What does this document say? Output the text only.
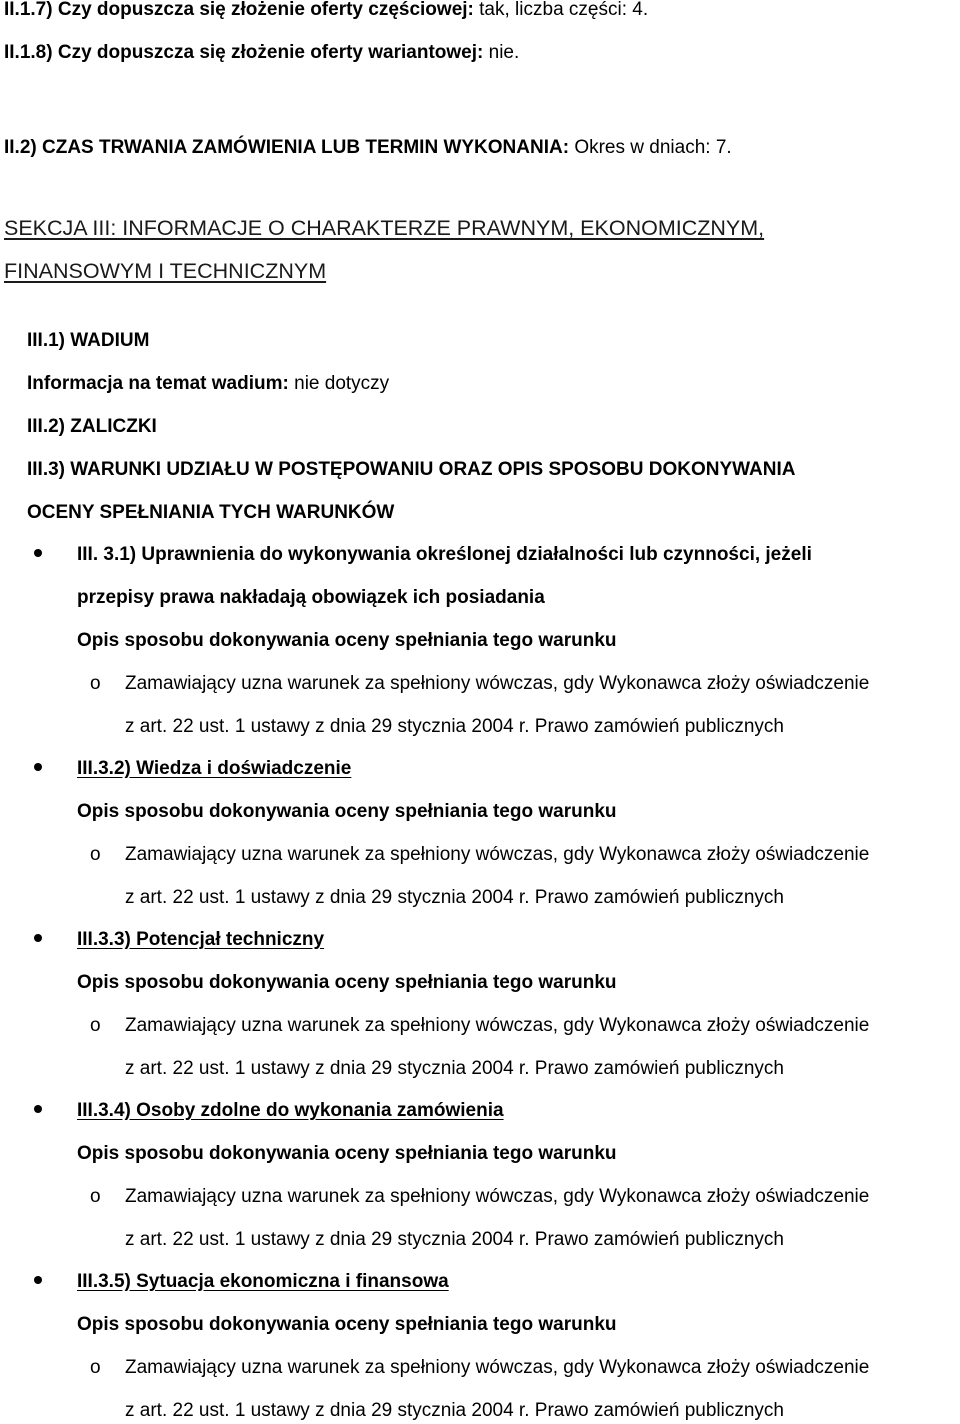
II.1.7) Czy dopuszcza się złożenie oferty częściowej: tak, liczba części: 4.
II.1.8) Czy dopuszcza się złożenie oferty wariantowej: nie.
II.2) CZAS TRWANIA ZAMÓWIENIA LUB TERMIN WYKONANIA: Okres w dniach: 7.
SEKCJA III: INFORMACJE O CHARAKTERZE PRAWNYM, EKONOMICZNYM,
FINANSOWYM I TECHNICZNYM
III.1) WADIUM
Informacja na temat wadium: nie dotyczy
III.2) ZALICZKI
III.3) WARUNKI UDZIAŁU W POSTĘPOWANIU ORAZ OPIS SPOSOBU DOKONYWANIA
OCENY SPEŁNIANIA TYCH WARUNKÓW
III. 3.1) Uprawnienia do wykonywania określonej działalności lub czynności, jeżeli
przepisy prawa nakładają obowiązek ich posiadania
Opis sposobu dokonywania oceny spełniania tego warunku
o Zamawiający uzna warunek za spełniony wówczas, gdy Wykonawca złoży oświadczenie
z art. 22 ust. 1 ustawy z dnia 29 stycznia 2004 r. Prawo zamówień publicznych
III.3.2) Wiedza i doświadczenie
Opis sposobu dokonywania oceny spełniania tego warunku
o Zamawiający uzna warunek za spełniony wówczas, gdy Wykonawca złoży oświadczenie
z art. 22 ust. 1 ustawy z dnia 29 stycznia 2004 r. Prawo zamówień publicznych
III.3.3) Potencjał techniczny
Opis sposobu dokonywania oceny spełniania tego warunku
o Zamawiający uzna warunek za spełniony wówczas, gdy Wykonawca złoży oświadczenie
z art. 22 ust. 1 ustawy z dnia 29 stycznia 2004 r. Prawo zamówień publicznych
III.3.4) Osoby zdolne do wykonania zamówienia
Opis sposobu dokonywania oceny spełniania tego warunku
o Zamawiający uzna warunek za spełniony wówczas, gdy Wykonawca złoży oświadczenie
z art. 22 ust. 1 ustawy z dnia 29 stycznia 2004 r. Prawo zamówień publicznych
III.3.5) Sytuacja ekonomiczna i finansowa
Opis sposobu dokonywania oceny spełniania tego warunku
o Zamawiający uzna warunek za spełniony wówczas, gdy Wykonawca złoży oświadczenie
z art. 22 ust. 1 ustawy z dnia 29 stycznia 2004 r. Prawo zamówień publicznych
